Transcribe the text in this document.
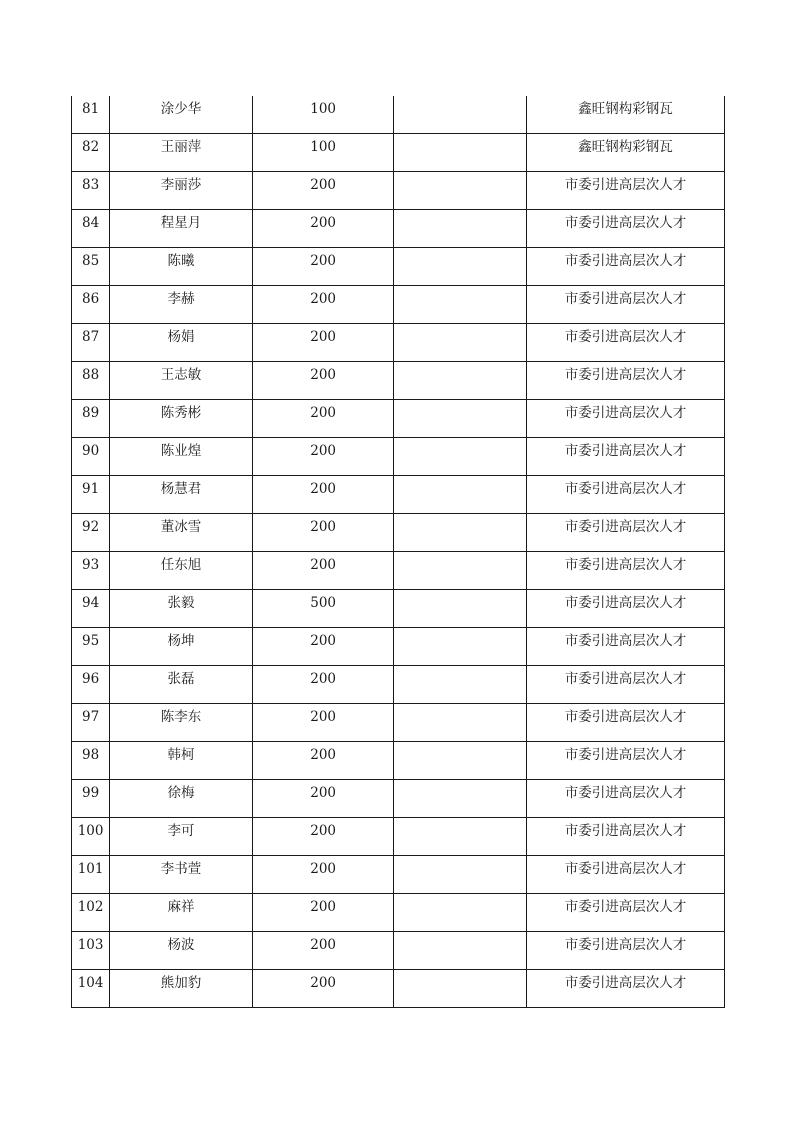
81	涂少华	100		鑫旺钢构彩钢瓦

82	王丽萍	100		鑫旺钢构彩钢瓦

83	李丽莎	200		市委引进高层次人才

84	程星月	200		市委引进高层次人才

85	陈曦	200		市委引进高层次人才

86	李赫	200		市委引进高层次人才

87	杨娟	200		市委引进高层次人才

88	王志敏	200		市委引进高层次人才

89	陈秀彬	200		市委引进高层次人才

90	陈业煌	200		市委引进高层次人才

91	杨慧君	200		市委引进高层次人才

92	董冰雪	200		市委引进高层次人才

93	任东旭	200		市委引进高层次人才

94	张毅	500		市委引进高层次人才

95	杨坤	200		市委引进高层次人才

96	张磊	200		市委引进高层次人才

97	陈李东	200		市委引进高层次人才

98	韩柯	200		市委引进高层次人才

99	徐梅	200		市委引进高层次人才

100	李可	200		市委引进高层次人才

101	李书萱	200		市委引进高层次人才

102	麻祥	200		市委引进高层次人才

103	杨波	200		市委引进高层次人才

104	熊加豹	200		市委引进高层次人才
